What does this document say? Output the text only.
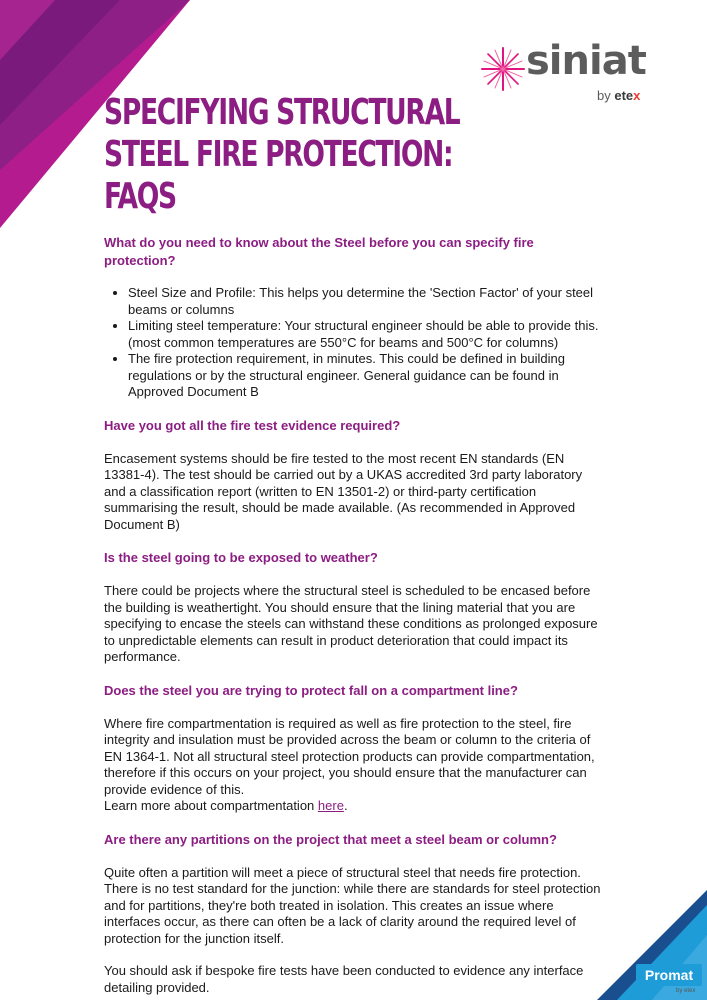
siniat
by etex
SPECIFYING STRUCTURAL
STEEL FIRE PROTECTION:
FAQS

What do you need to know about the Steel before you can specify fire protection?

• Steel Size and Profile: This helps you determine the 'Section Factor' of your steel beams or columns
• Limiting steel temperature: Your structural engineer should be able to provide this. (most common temperatures are 550°C for beams and 500°C for columns)
• The fire protection requirement, in minutes. This could be defined in building regulations or by the structural engineer. General guidance can be found in Approved Document B

Have you got all the fire test evidence required?

Encasement systems should be fire tested to the most recent EN standards (EN 13381-4). The test should be carried out by a UKAS accredited 3rd party laboratory and a classification report (written to EN 13501-2) or third-party certification summarising the result, should be made available. (As recommended in Approved Document B)

Is the steel going to be exposed to weather?

There could be projects where the structural steel is scheduled to be encased before the building is weathertight. You should ensure that the lining material that you are specifying to encase the steels can withstand these conditions as prolonged exposure to unpredictable elements can result in product deterioration that could impact its performance.

Does the steel you are trying to protect fall on a compartment line?

Where fire compartmentation is required as well as fire protection to the steel, fire integrity and insulation must be provided across the beam or column to the criteria of EN 1364-1. Not all structural steel protection products can provide compartmentation, therefore if this occurs on your project, you should ensure that the manufacturer can provide evidence of this.

Learn more about compartmentation here.

Are there any partitions on the project that meet a steel beam or column?

Quite often a partition will meet a piece of structural steel that needs fire protection. There is no test standard for the junction: while there are standards for steel protection and for partitions, they're both treated in isolation. This creates an issue where interfaces occur, as there can often be a lack of clarity around the required level of protection for the junction itself.

You should ask if bespoke fire tests have been conducted to evidence any interface detailing provided.

Promat
by etex
